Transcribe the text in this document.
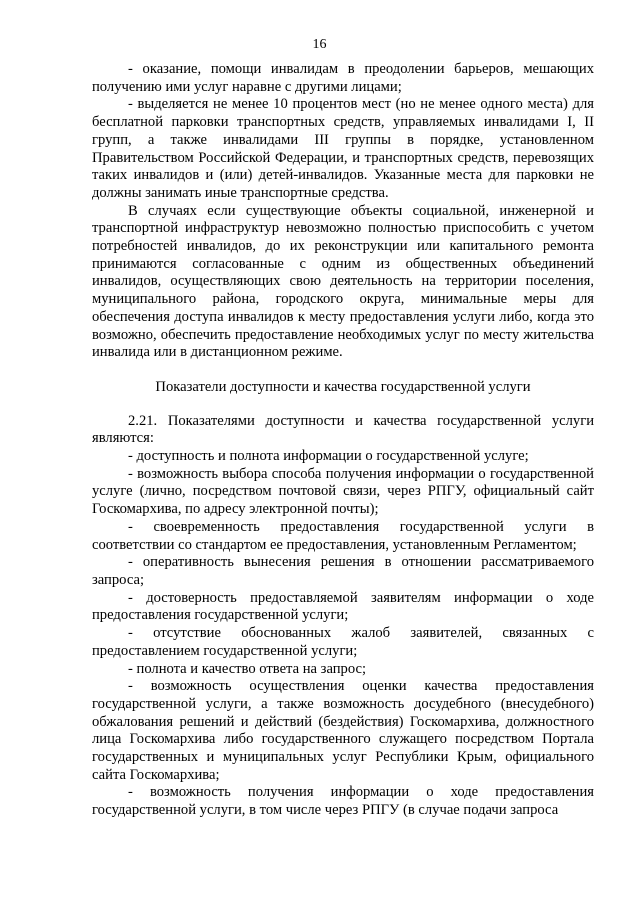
16

- оказание, помощи инвалидам в преодолении барьеров, мешающих получению ими услуг наравне с другими лицами;

- выделяется не менее 10 процентов мест (но не менее одного места) для бесплатной парковки транспортных средств, управляемых инвалидами I, II групп, а также инвалидами III группы в порядке, установленном Правительством Российской Федерации, и транспортных средств, перевозящих таких инвалидов и (или) детей-инвалидов. Указанные места для парковки не должны занимать иные транспортные средства.

В случаях если существующие объекты социальной, инженерной и транспортной инфраструктур невозможно полностью приспособить с учетом потребностей инвалидов, до их реконструкции или капитального ремонта принимаются согласованные с одним из общественных объединений инвалидов, осуществляющих свою деятельность на территории поселения, муниципального района, городского округа, минимальные меры для обеспечения доступа инвалидов к месту предоставления услуги либо, когда это возможно, обеспечить предоставление необходимых услуг по месту жительства инвалида или в дистанционном режиме.

Показатели доступности и качества государственной услуги

2.21. Показателями доступности и качества государственной услуги являются:

- доступность и полнота информации о государственной услуге;

- возможность выбора способа получения информации о государственной услуге (лично, посредством почтовой связи, через РПГУ, официальный сайт Госкомархива, по адресу электронной почты);

- своевременность предоставления государственной услуги в соответствии со стандартом ее предоставления, установленным Регламентом;

- оперативность вынесения решения в отношении рассматриваемого запроса;

- достоверность предоставляемой заявителям информации о ходе предоставления государственной услуги;

- отсутствие обоснованных жалоб заявителей, связанных с предоставлением государственной услуги;

- полнота и качество ответа на запрос;

- возможность осуществления оценки качества предоставления государственной услуги, а также возможность досудебного (внесудебного) обжалования решений и действий (бездействия) Госкомархива, должностного лица Госкомархива либо государственного служащего посредством Портала государственных и муниципальных услуг Республики Крым, официального сайта Госкомархива;

- возможность получения информации о ходе предоставления государственной услуги, в том числе через РПГУ (в случае подачи запроса
